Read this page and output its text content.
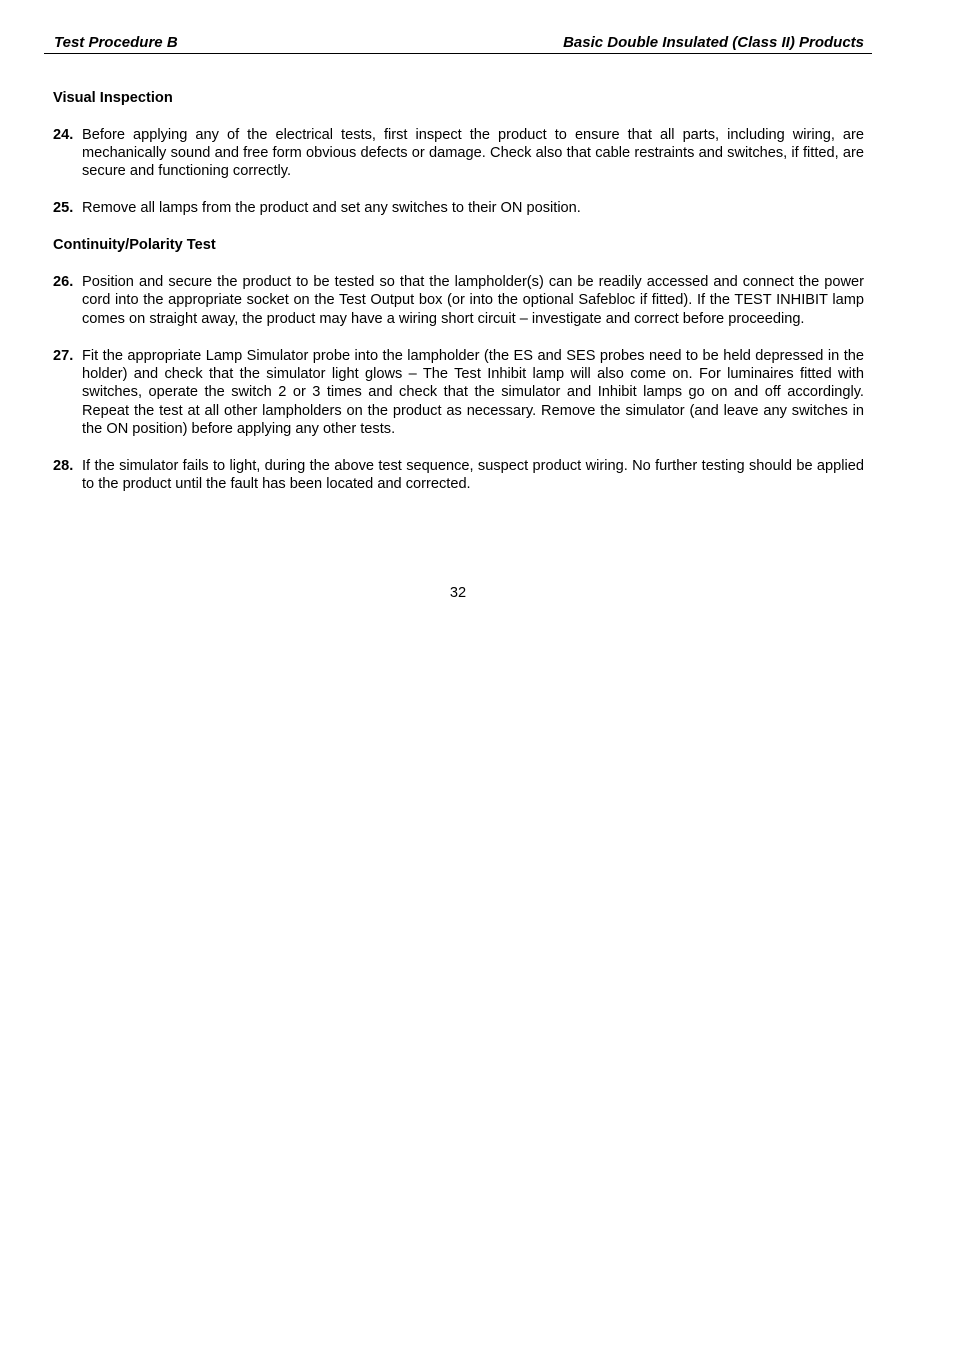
Test Procedure B	Basic Double Insulated (Class II) Products
Visual Inspection
24. Before applying any of the electrical tests, first inspect the product to ensure that all parts, including wiring, are mechanically sound and free form obvious defects or damage. Check also that cable restraints and switches, if fitted, are secure and functioning correctly.
25. Remove all lamps from the product and set any switches to their ON position.
Continuity/Polarity Test
26. Position and secure the product to be tested so that the lampholder(s) can be readily accessed and connect the power cord into the appropriate socket on the Test Output box (or into the optional Safebloc if fitted). If the TEST INHIBIT lamp comes on straight away, the product may have a wiring short circuit – investigate and correct before proceeding.
27. Fit the appropriate Lamp Simulator probe into the lampholder (the ES and SES probes need to be held depressed in the holder) and check that the simulator light glows – The Test Inhibit lamp will also come on. For luminaires fitted with switches, operate the switch 2 or 3 times and check that the simulator and Inhibit lamps go on and off accordingly. Repeat the test at all other lampholders on the product as necessary. Remove the simulator (and leave any switches in the ON position) before applying any other tests.
28. If the simulator fails to light, during the above test sequence, suspect product wiring. No further testing should be applied to the product until the fault has been located and corrected.
32
